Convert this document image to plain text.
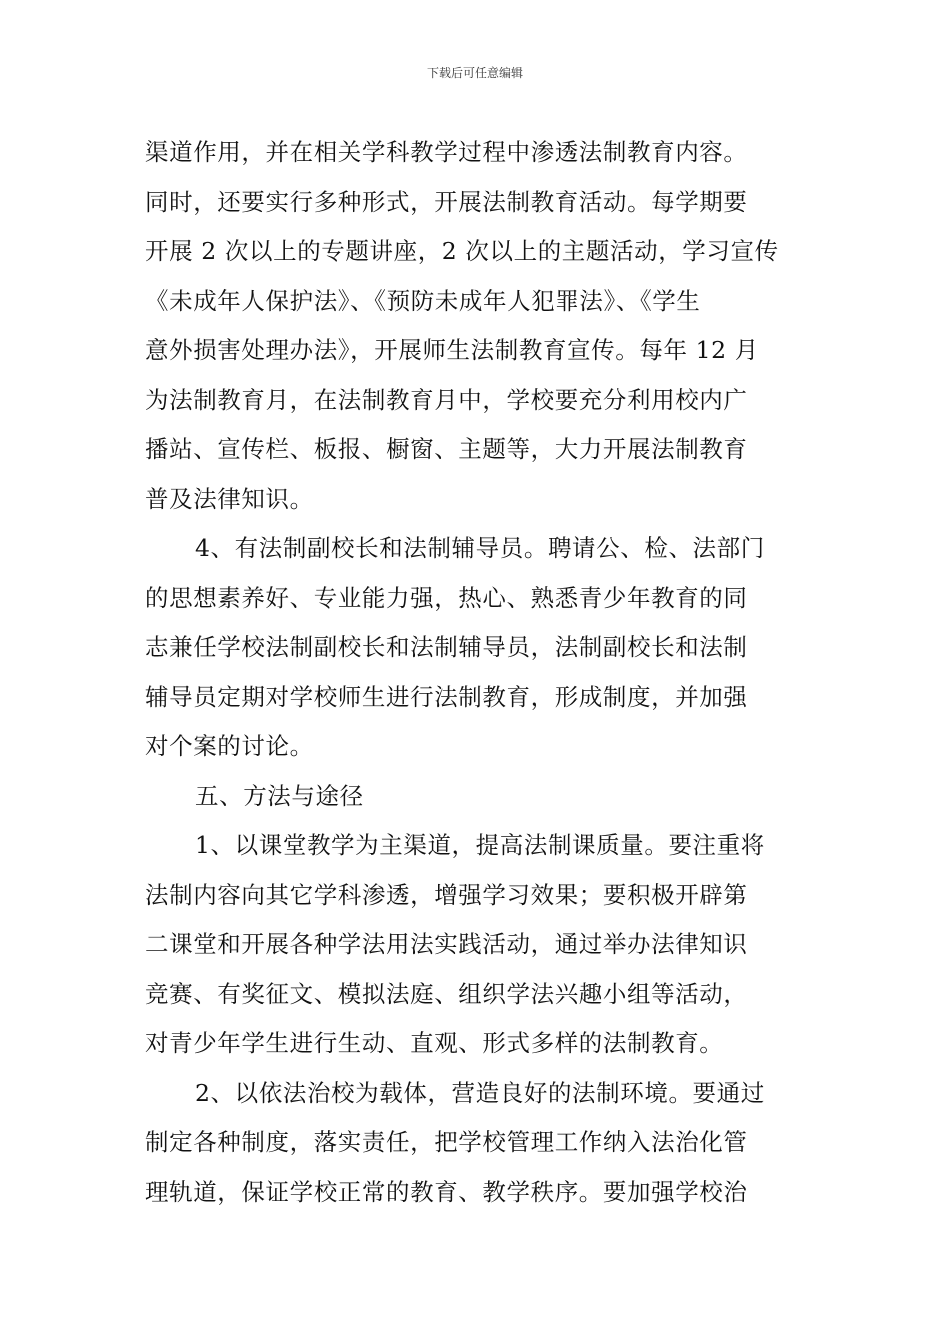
下载后可任意编辑
渠道作用，并在相关学科教学过程中渗透法制教育内容。
同时，还要实行多种形式，开展法制教育活动。每学期要
开展 2 次以上的专题讲座，2 次以上的主题活动，学习宣传
《未成年人保护法》、《预防未成年人犯罪法》、《学生
意外损害处理办法》，开展师生法制教育宣传。每年 12 月
为法制教育月，在法制教育月中，学校要充分利用校内广
播站、宣传栏、板报、橱窗、主题等，大力开展法制教育
普及法律知识。
4、有法制副校长和法制辅导员。聘请公、检、法部门
的思想素养好、专业能力强，热心、熟悉青少年教育的同
志兼任学校法制副校长和法制辅导员，法制副校长和法制
辅导员定期对学校师生进行法制教育，形成制度，并加强
对个案的讨论。
五、方法与途径
1、以课堂教学为主渠道，提高法制课质量。要注重将
法制内容向其它学科渗透，增强学习效果；要积极开辟第
二课堂和开展各种学法用法实践活动，通过举办法律知识
竞赛、有奖征文、模拟法庭、组织学法兴趣小组等活动，
对青少年学生进行生动、直观、形式多样的法制教育。
2、以依法治校为载体，营造良好的法制环境。要通过
制定各种制度，落实责任，把学校管理工作纳入法治化管
理轨道，保证学校正常的教育、教学秩序。要加强学校治
